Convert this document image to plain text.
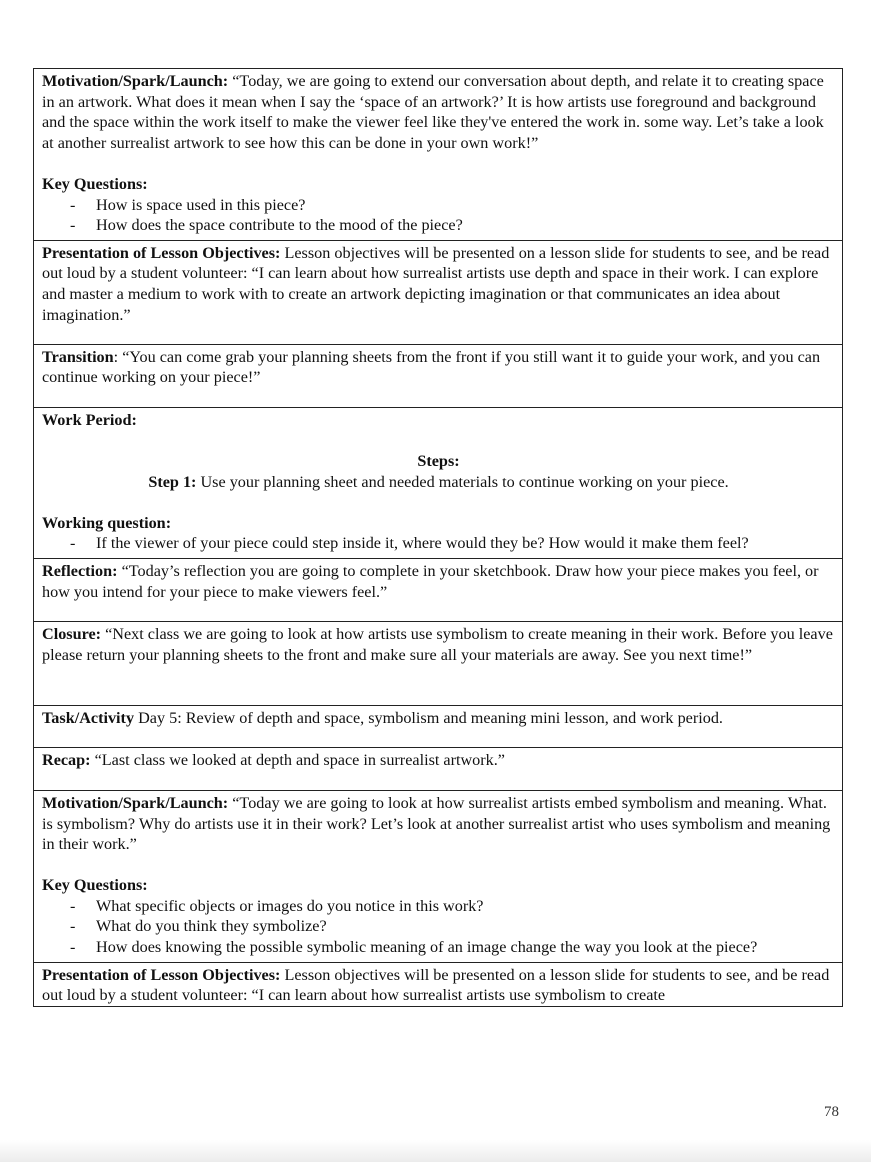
Motivation/Spark/Launch: “Today, we are going to extend our conversation about depth, and relate it to creating space in an artwork. What does it mean when I say the ‘space of an artwork?’ It is how artists use foreground and background and the space within the work itself to make the viewer feel like they've entered the work in. some way. Let’s take a look at another surrealist artwork to see how this can be done in your own work!”

Key Questions:

- How is space used in this piece?
- How does the space contribute to the mood of the piece?

Presentation of Lesson Objectives: Lesson objectives will be presented on a lesson slide for students to see, and be read out loud by a student volunteer: “I can learn about how surrealist artists use depth and space in their work. I can explore and master a medium to work with to create an artwork depicting imagination or that communicates an idea about imagination.”

Transition: “You can come grab your planning sheets from the front if you still want it to guide your work, and you can continue working on your piece!”

Work Period:

Steps:

Step 1: Use your planning sheet and needed materials to continue working on your piece.

Working question:

- If the viewer of your piece could step inside it, where would they be? How would it make them feel?

Reflection: “Today’s reflection you are going to complete in your sketchbook. Draw how your piece makes you feel, or how you intend for your piece to make viewers feel.”

Closure: “Next class we are going to look at how artists use symbolism to create meaning in their work. Before you leave please return your planning sheets to the front and make sure all your materials are away. See you next time!”

Task/Activity Day 5: Review of depth and space, symbolism and meaning mini lesson, and work period.

Recap: “Last class we looked at depth and space in surrealist artwork.”

Motivation/Spark/Launch: “Today we are going to look at how surrealist artists embed symbolism and meaning. What. is symbolism? Why do artists use it in their work? Let’s look at another surrealist artist who uses symbolism and meaning in their work.”

Key Questions:

- What specific objects or images do you notice in this work?
- What do you think they symbolize?
- How does knowing the possible symbolic meaning of an image change the way you look at the piece?

Presentation of Lesson Objectives: Lesson objectives will be presented on a lesson slide for students to see, and be read out loud by a student volunteer: “I can learn about how surrealist artists use symbolism to create

78
